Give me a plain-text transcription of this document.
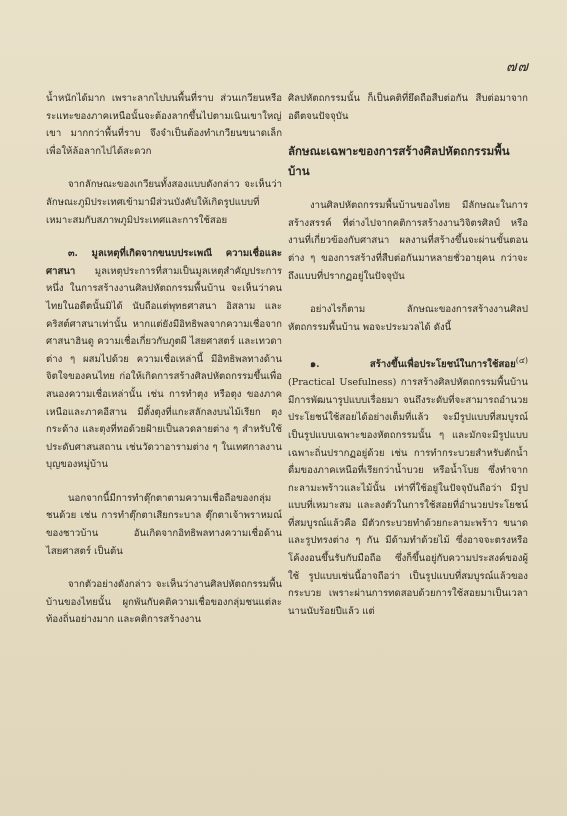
๗๗

น้ำหนักได้มาก เพราะลากไปบนพื้นที่ราบ ส่วนเกวียนหรือระแทะของภาคเหนือนั้นจะต้องลากขึ้นไปตามเนินเขาใหญ่เขา มากกว่าพื้นที่ราบ จึงจำเป็นต้องทำเกวียนขนาดเล็กเพื่อให้ล้อลากไปได้สะดวก

จากลักษณะของเกวียนทั้งสองแบบดังกล่าว จะเห็นว่าลักษณะภูมิประเทศเข้ามามีส่วนบังคับให้เกิดรูปแบบที่เหมาะสมกับสภาพภูมิประเทศและการใช้สอย

๓. มูลเหตุที่เกิดจากขนบประเพณี ความเชื่อและศาสนา มูลเหตุประการที่สามเป็นมูลเหตุสำคัญประการหนึ่ง ในการสร้างงานศิลปหัตถกรรมพื้นบ้าน จะเห็นว่าคนไทยในอดีตนั้นมิได้ นับถือแต่พุทธศาสนา อิสลาม และคริสต์ศาสนาเท่านั้น หากแต่ยังมีอิทธิพลจากความเชื่อจากศาสนาฮินดู ความเชื่อเกี่ยวกับภูตผี ไสยศาสตร์ และเทวดาต่าง ๆ ผสมไปด้วย ความเชื่อเหล่านี้ มีอิทธิพลทางด้านจิตใจของคนไทย ก่อให้เกิดการสร้างศิลปหัตถกรรมขึ้นเพื่อสนองความเชื่อเหล่านั้น เช่น การทำตุง หรือตุง ของภาคเหนือและภาคอีสาน มีตั้งตุงที่แกะสลักลงบนไม้เรียก ตุงกระด้าง และตุงที่ทอด้วยฝ้ายเป็นลวดลายต่าง ๆ สำหรับใช้ประดับศาสนสถาน เช่นวัดวาอารามต่าง ๆ ในเทศกาลงานบุญของหมู่บ้าน

นอกจากนี้มีการทำตุ๊กตาตามความเชื่อถือของกลุ่มชนด้วย เช่น การทำตุ๊กตาเสียกระบาล ตุ๊กตาเจ้าพราหมณ์ของชาวบ้าน อันเกิดจากอิทธิพลทางความเชื่อด้านไสยศาสตร์ เป็นต้น

จากตัวอย่างดังกล่าว จะเห็นว่างานศิลปหัตถกรรมพื้นบ้านของไทยนั้น ผูกพันกับคติความเชื่อของกลุ่มชนแต่ละท้องถิ่นอย่างมาก และคติการสร้างงาน

ศิลปหัตถกรรมนั้น ก็เป็นคติที่ยึดถือสืบต่อกัน สืบต่อมาจากอดีตจนปัจจุบัน

ลักษณะเฉพาะของการสร้างศิลปหัตถกรรมพื้นบ้าน

งานศิลปหัตถกรรมพื้นบ้านของไทย มีลักษณะในการสร้างสรรค์ ที่ต่างไปจากคติการสร้างงานวิจิตรศิลป์ หรืองานที่เกี่ยวข้องกับศาสนา ผลงานที่สร้างขึ้นจะผ่านขั้นตอนต่าง ๆ ของการสร้างที่สืบต่อกันมาหลายชั่วอายุคน กว่าจะถึงแบบที่ปรากฏอยู่ในปัจจุบัน

อย่างไรก็ตาม ลักษณะของการสร้างงานศิลปหัตถกรรมพื้นบ้าน พอจะประมวลได้ ดังนี้

๑. สร้างขึ้นเพื่อประโยชน์ในการใช้สอย$^{(๔)}$ (Practical Usefulness) การสร้างศิลปหัตถกรรมพื้นบ้านมีการพัฒนารูปแบบเรื่อยมา จนถึงระดับที่จะสามารถอำนวยประโยชน์ใช้สอยได้อย่างเต็มที่แล้ว จะมีรูปแบบที่สมบูรณ์ เป็นรูปแบบเฉพาะของหัตถกรรมนั้น ๆ และมักจะมีรูปแบบเฉพาะถิ่นปรากฏอยู่ด้วย เช่น การทำกระบวยสำหรับตักน้ำดื่มของภาคเหนือที่เรียกว่าน้ำบวย หรือน้ำโบย ซึ่งทำจากกะลามะพร้าวและไม้นั้น เท่าที่ใช้อยู่ในปัจจุบันถือว่า มีรูปแบบที่เหมาะสม และลงตัวในการใช้สอยที่อำนวยประโยชน์ที่สมบูรณ์แล้วคือ มีตัวกระบวยทำด้วยกะลามะพร้าว ขนาดและรูปทรงต่าง ๆ กัน มีด้ามทำด้วยไม้ ซึ่งอาจจะตรงหรือโค้งงอนขึ้นรับกับมือถือ ซึ่งก็ขึ้นอยู่กับความประสงค์ของผู้ใช้ รูปแบบเช่นนี้อาจถือว่า เป็นรูปแบบที่สมบูรณ์แล้วของกระบวย เพราะผ่านการทดสอบด้วยการใช้สอยมาเป็นเวลานานนับร้อยปีแล้ว แต่
